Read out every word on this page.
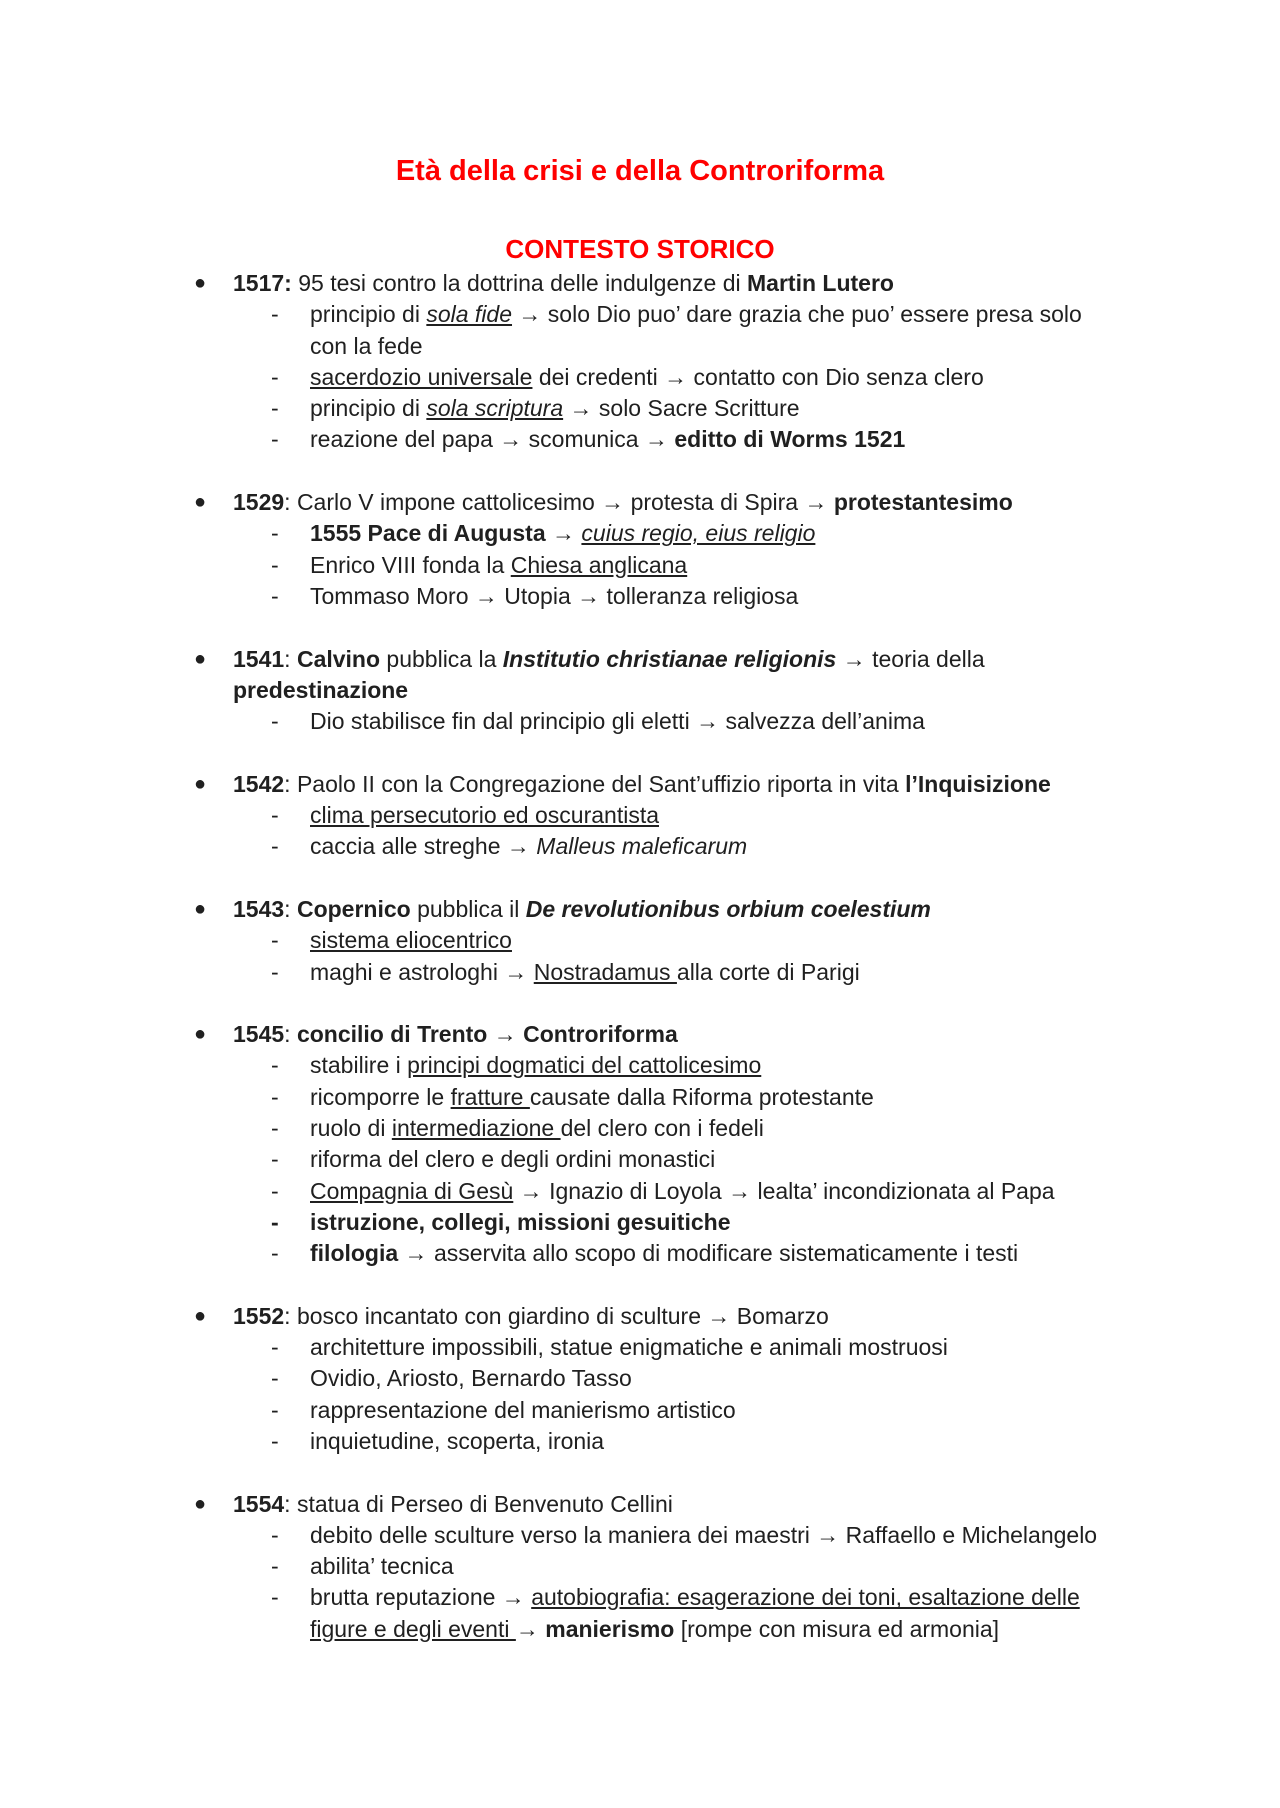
Età della crisi e della Controriforma
CONTESTO STORICO
● 1517: 95 tesi contro la dottrina delle indulgenze di Martin Lutero
- principio di sola fide → solo Dio puo’ dare grazia che puo’ essere presa solo
con la fede
- sacerdozio universale dei credenti → contatto con Dio senza clero
- principio di sola scriptura → solo Sacre Scritture
- reazione del papa → scomunica → editto di Worms 1521
● 1529: Carlo V impone cattolicesimo → protesta di Spira → protestantesimo
- 1555 Pace di Augusta → cuius regio, eius religio
- Enrico VIII fonda la Chiesa anglicana
- Tommaso Moro → Utopia → tolleranza religiosa
● 1541: Calvino pubblica la Institutio christianae religionis → teoria della
predestinazione
- Dio stabilisce fin dal principio gli eletti → salvezza dell’anima
● 1542: Paolo II con la Congregazione del Sant’uffizio riporta in vita l’Inquisizione
- clima persecutorio ed oscurantista
- caccia alle streghe → Malleus maleficarum
● 1543: Copernico pubblica il De revolutionibus orbium coelestium
- sistema eliocentrico
- maghi e astrologhi → Nostradamus alla corte di Parigi
● 1545: concilio di Trento → Controriforma
- stabilire i principi dogmatici del cattolicesimo
- ricomporre le fratture causate dalla Riforma protestante
- ruolo di intermediazione del clero con i fedeli
- riforma del clero e degli ordini monastici
- Compagnia di Gesù → Ignazio di Loyola → lealta’ incondizionata al Papa
- istruzione, collegi, missioni gesuitiche
- filologia → asservita allo scopo di modificare sistematicamente i testi
● 1552: bosco incantato con giardino di sculture → Bomarzo
- architetture impossibili, statue enigmatiche e animali mostruosi
- Ovidio, Ariosto, Bernardo Tasso
- rappresentazione del manierismo artistico
- inquietudine, scoperta, ironia
● 1554: statua di Perseo di Benvenuto Cellini
- debito delle sculture verso la maniera dei maestri → Raffaello e Michelangelo
- abilita’ tecnica
- brutta reputazione → autobiografia: esagerazione dei toni, esaltazione delle
figure e degli eventi → manierismo [rompe con misura ed armonia]
